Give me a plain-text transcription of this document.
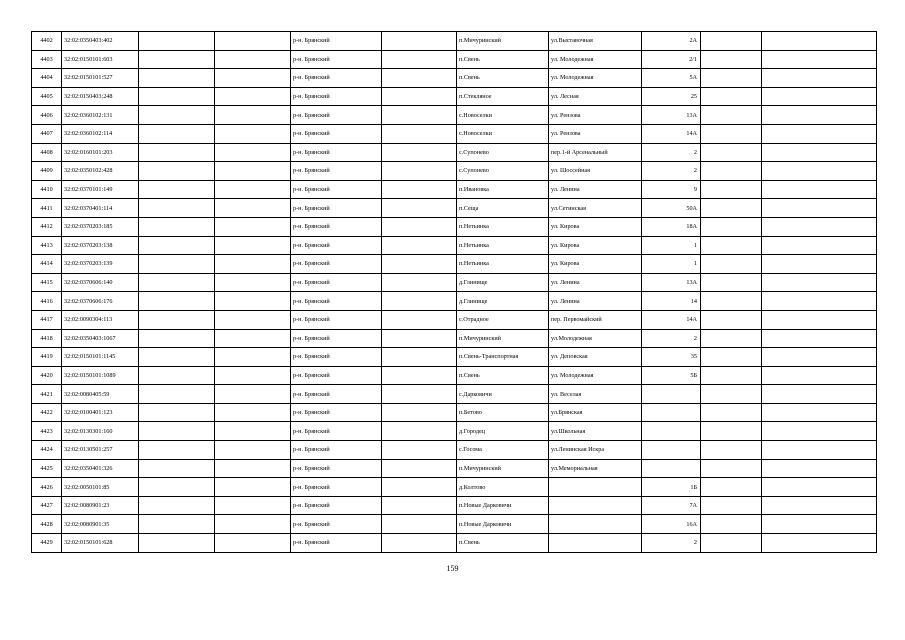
4402	32:02:0350403:402			р-н. Брянский		п.Мичуринский	ул.Выставочная	2А		
4403	32:02:0150101:603			р-н. Брянский		п.Свень	ул. Молодежная	2/1		
4404	32:02:0150101:527			р-н. Брянский		п.Свень	ул. Молодежная	5А		
4405	32:02:0150403:248			р-н. Брянский		п.Стекляное	ул. Лесная	25		
4406	32:02:0360102:131			р-н. Брянский		с.Новоселки	ул. Рензова	13А		
4407	32:02:0360102:114			р-н. Брянский		с.Новоселки	ул. Рензова	14А		
4408	32:02:0160101:203			р-н. Брянский		с.Супонево	пер.1-й Арсенальный	2		
4409	32:02:0350102:428			р-н. Брянский		с.Супонево	ул. Шоссейная	2		
4410	32:02:0370101:149			р-н. Брянский		п.Ивановка	ул. Ленина	9		
4411	32:02:0370401:114			р-н. Брянский		п.Сеща	ул.Сетинская	50А		
4412	32:02:0370203:185			р-н. Брянский		п.Нетьинка	ул. Кирова	18А		
4413	32:02:0370203:138			р-н. Брянский		п.Нетьинка	ул. Кирова	1		
4414	32:02:0370203:139			р-н. Брянский		п.Нетьинка	ул. Кирова	1		
4415	32:02:0370606:140			р-н. Брянский		д.Глинище	ул. Ленина	13А		
4416	32:02:0370606:176			р-н. Брянский		д.Глинище	ул. Ленина	14		
4417	32:02:0090304:113			р-н. Брянский		с.Отрадное	пер. Первомайский	14А		
4418	32:02:0350403:1067			р-н. Брянский		п.Мичуринский	ул.Молодежная	2		
4419	32:02:0150101:1145			р-н. Брянский		п.Свень-Транспортная	ул. Деповская	35		
4420	32:02:0150101:1089			р-н. Брянский		п.Свень	ул. Молодежная	5Б		
4421	32:02:0080405:59			р-н. Брянский		с.Дарковичи	ул. Веселая			
4422	32:02:0100401:123			р-н. Брянский		п.Бетово	ул.Брянская			
4423	32:02:0130301:160			р-н. Брянский		д.Городец	ул.Школьная			
4424	32:02:0130501:257			р-н. Брянский		с.Госома	ул.Ленинская Искра			
4425	32:02:0350401:326			р-н. Брянский		п.Мичуринский	ул.Мемориальная			
4426	32:02:0050101:85			р-н. Брянский		д.Колтово		1Б		
4427	32:02:0080901:23			р-н. Брянский		п.Новые Дарковичи		7А		
4428	32:02:0080901:35			р-н. Брянский		п.Новые Дарковичи		16А		
4429	32:02:0150101:628			р-н. Брянский		п.Свень		2		
159
